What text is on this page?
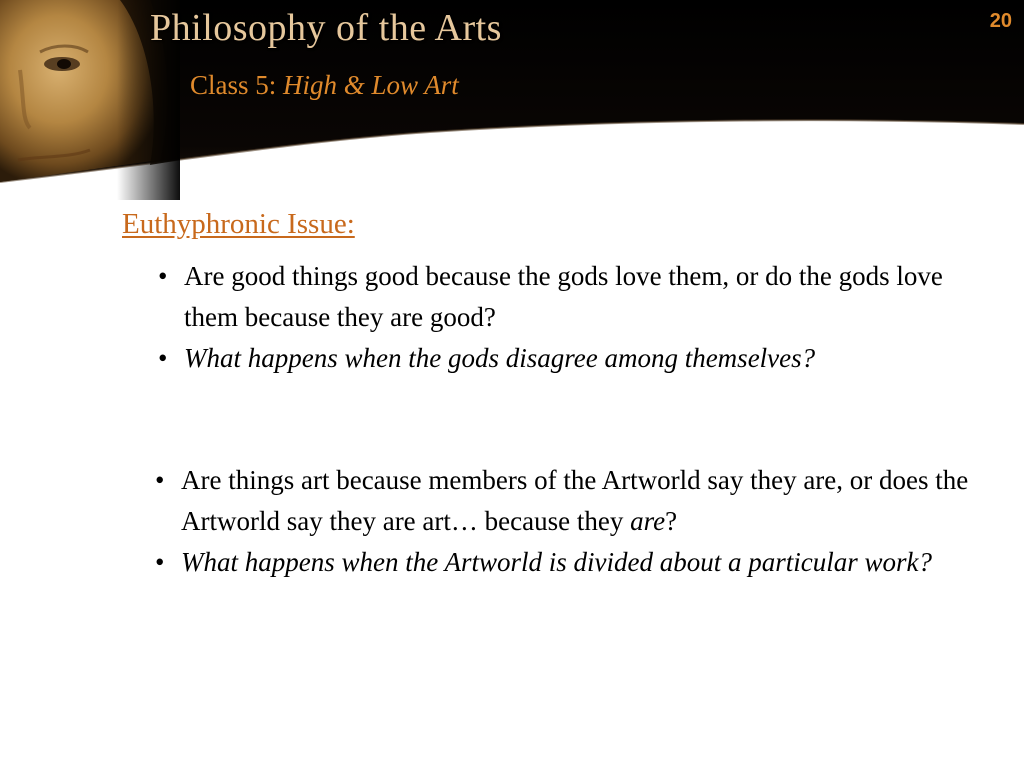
Philosophy of the Arts
Class 5: High & Low Art
20
Euthyphronic Issue:
• Are good things good because the gods love them, or do the gods love them because they are good?
• What happens when the gods disagree among themselves?
• Are things art because members of the Artworld say they are, or does the Artworld say they are art… because they are?
• What happens when the Artworld is divided about a particular work?
